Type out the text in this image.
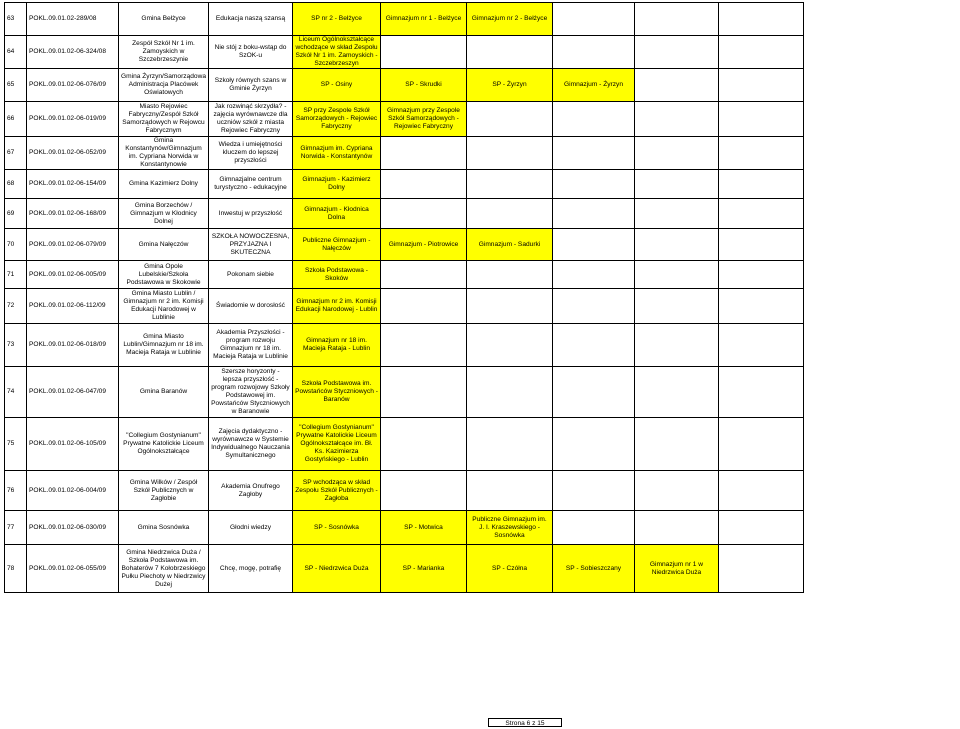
63	POKL.09.01.02-289/08	Gmina Bełżyce	Edukacja naszą szansą	SP nr 2 - Bełżyce	Gimnazjum nr 1 - Bełżyce	Gimnazjum nr 2 - Bełżyce			
64	POKL.09.01.02-06-324/08	Zespół Szkół Nr 1 im. Zamoyskich w Szczebrzeszynie	Nie stój z boku-wstąp do SzOK-u	Liceum Ogólnokształcące wchodzące w skład Zespołu Szkół Nr 1 im. Zamoyskich - Szczebrzeszyn					
65	POKL.09.01.02-06-076/09	Gmina Żyrzyn/Samorządowa Administracja Placówek Oświatowych	Szkoły równych szans w Gminie Żyrzyn	SP - Osiny	SP - Skrudki	SP - Żyrzyn	Gimnazjum - Żyrzyn		
66	POKL.09.01.02-06-019/09	Miasto Rejowiec Fabryczny/Zespół Szkół Samorządowych w Rejowcu Fabrycznym	Jak rozwinąć skrzydła? - zajęcia wyrównawcze dla uczniów szkół z miasta Rejowiec Fabryczny	SP przy Zespole Szkół Samorządowych - Rejowiec Fabryczny	Gimnazjum przy Zespole Szkół Samorządowych - Rejowiec Fabryczny				
67	POKL.09.01.02-06-052/09	Gmina Konstantynów/Gimnazjum im. Cypriana Norwida w Konstantynowie	Wiedza i umiejętności kluczem do lepszej przyszłości	Gimnazjum im. Cypriana Norwida - Konstantynów					
68	POKL.09.01.02-06-154/09	Gmina Kazimierz Dolny	Gimnazjalne centrum turystyczno - edukacyjne	Gimnazjum - Kazimierz Dolny					
69	POKL.09.01.02-06-168/09	Gmina Borzechów / Gimnazjum w Kłodnicy Dolnej	Inwestuj w przyszłość	Gimnazjum - Kłodnica Dolna					
70	POKL.09.01.02-06-079/09	Gmina Nałęczów	SZKOŁA NOWOCZESNA, PRZYJAZNA I SKUTECZNA	Publiczne Gimnazjum - Nałęczów	Gimnazjum - Piotrowice	Gimnazjum - Sadurki			
71	POKL.09.01.02-06-005/09	Gmina Opole Lubelskie/Szkoła Podstawowa w Skokowie	Pokonam siebie	Szkoła Podstawowa - Skoków					
72	POKL.09.01.02-06-112/09	Gmina Miasto Lublin / Gimnazjum nr 2 im. Komisji Edukacji Narodowej w Lublinie	Świadomie w dorosłość	Gimnazjum nr 2 im. Komisji Edukacji Narodowej - Lublin					
73	POKL.09.01.02-06-018/09	Gmina Miasto Lublin/Gimnazjum nr 18 im. Macieja Rataja w Lublinie	Akademia Przyszłości - program rozwoju Gimnazjum nr 18 im. Macieja Rataja w Lublinie	Gimnazjum nr 18 im. Macieja Rataja - Lublin					
74	POKL.09.01.02-06-047/09	Gmina Baranów	Szersze horyzonty - lepsza przyszłość - program rozwojowy Szkoły Podstawowej im. Powstańców Styczniowych w Baranowie	Szkoła Podstawowa im. Powstańców Styczniowych - Baranów					
75	POKL.09.01.02-06-105/09	"Collegium Gostynianum" Prywatne Katolickie Liceum Ogólnokształcące	Zajęcia dydaktyczno - wyrównawcze w Systemie Indywidualnego Nauczania Symultanicznego	"Collegium Gostynianum" Prywatne Katolickie Liceum Ogólnokształcące im. Bł. Ks. Kazimierza Gostyńskiego - Lublin					
76	POKL.09.01.02-06-004/09	Gmina Wilków / Zespół Szkół Publicznych w Zagłobie	Akademia Onufrego Zagłoby	SP wchodząca w skład Zespołu Szkół Publicznych - Zagłoba					
77	POKL.09.01.02-06-030/09	Gmina Sosnówka	Głodni wiedzy	SP - Sosnówka	SP - Motwica	Publiczne Gimnazjum im. J. I. Kraszewskiego - Sosnówka			
78	POKL.09.01.02-06-055/09	Gmina Niedrzwica Duża / Szkoła Podstawowa im. Bohaterów 7 Kołobrzeskiego Pułku Piechoty w Niedrzwicy Dużej	Chcę, mogę, potrafię	SP - Niedrzwica Duża	SP - Marianka	SP - Czółna	SP - Sobieszczany	Gimnazjum nr 1 w Niedrzwica Duża	
Strona 6 z 15
